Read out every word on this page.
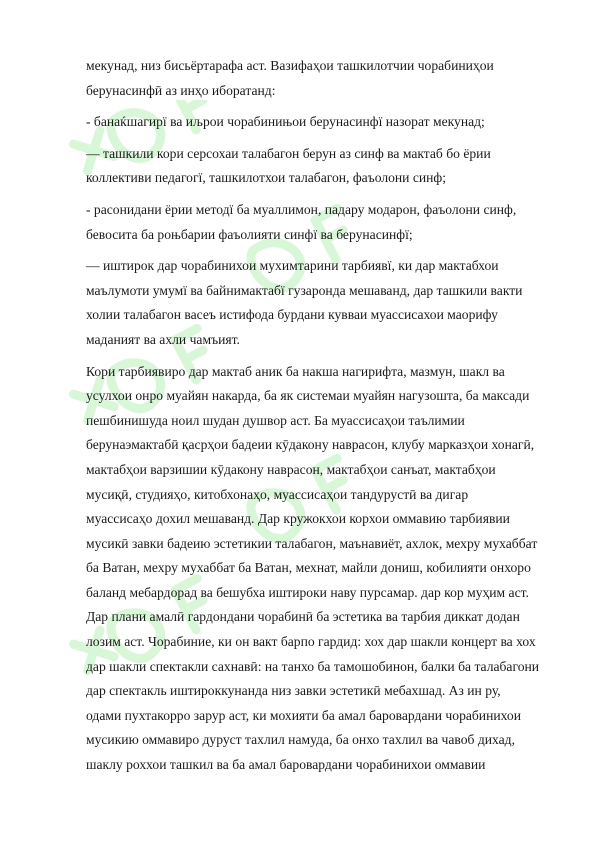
мекунад, низ бисьёртарафа аст. Вазифаҳои ташкилотчии чорабиниҳои
берунасинфӣ аз инҳо иборатанд:

- банаќшагирї ва иљрои чорабинињои берунасинфї назорат мекунад;

— ташкили кори серсохаи талабагон берун аз синф ва мактаб бо ёрии
коллективи педагогї, ташкилотхои талабагон, фаъолони синф;

- расонидани ёрии методї ба муаллимон, падару модарон, фаъолони синф,
бевосита ба роњбарии фаъолияти синфї ва берунасинфї;

— иштирок дар чорабинихои мухимтарини тарбиявї, ки дар мактабхои
маълумоти умумї ва байнимактабї гузаронда мешаванд, дар ташкили вакти
холии талабагон васеъ истифода бурдани кувваи муассисахои маорифу
маданият ва ахли чамъият.

Кори тарбиявиро дар мактаб аник ба накша нагирифта, мазмун, шакл ва
усулхои онро муайян накарда, ба як системаи муайян нагузошта, ба максади
пешбинишуда ноил шудан душвор аст. Ба муассисаҳои таълимии
берунаэмактабӣ қасрҳои бадеии кӯдакону наврасон, клубу марказҳои хонагӣ,
мактабҳои варзишии кӯдакону наврасон, мактабҳои санъат, мактабҳои
мусиқӣ, студияҳо, китобхонаҳо, муассисаҳои тандурустӣ ва дигар
муассисаҳо дохил мешаванд. Дар кружокхои корхои оммавию тарбиявии
мусикӣ завки бадеию эстетикии талабагон, маънавиёт, ахлок, мехру мухаббат
ба Ватан, мехру мухаббат ба Ватан, мехнат, майли дониш, кобилияти онхоро
баланд мебардорад ва бешубха иштироки наву пурсамар. дар кор муҳим аст.
Дар плани амалӣ гардондани чорабинӣ ба эстетика ва тарбия диккат додан
лозим аст. Чорабиние, ки он вакт барпо гардид: хох дар шакли концерт ва хох
дар шакли спектакли сахнавӣ: на танхо ба тамошобинон, балки ба талабагони
дар спектакль иштироккунанда низ завки эстетикӣ мебахшад. Аз ин ру,
одами пухтакорро зарур аст, ки мохияти ба амал баровардани чорабинихои
мусикию оммавиро дуруст тахлил намуда, ба онхо тахлил ва чавоб дихад,
шаклу роххои ташкил ва ба амал баровардани чорабинихои оммавии
